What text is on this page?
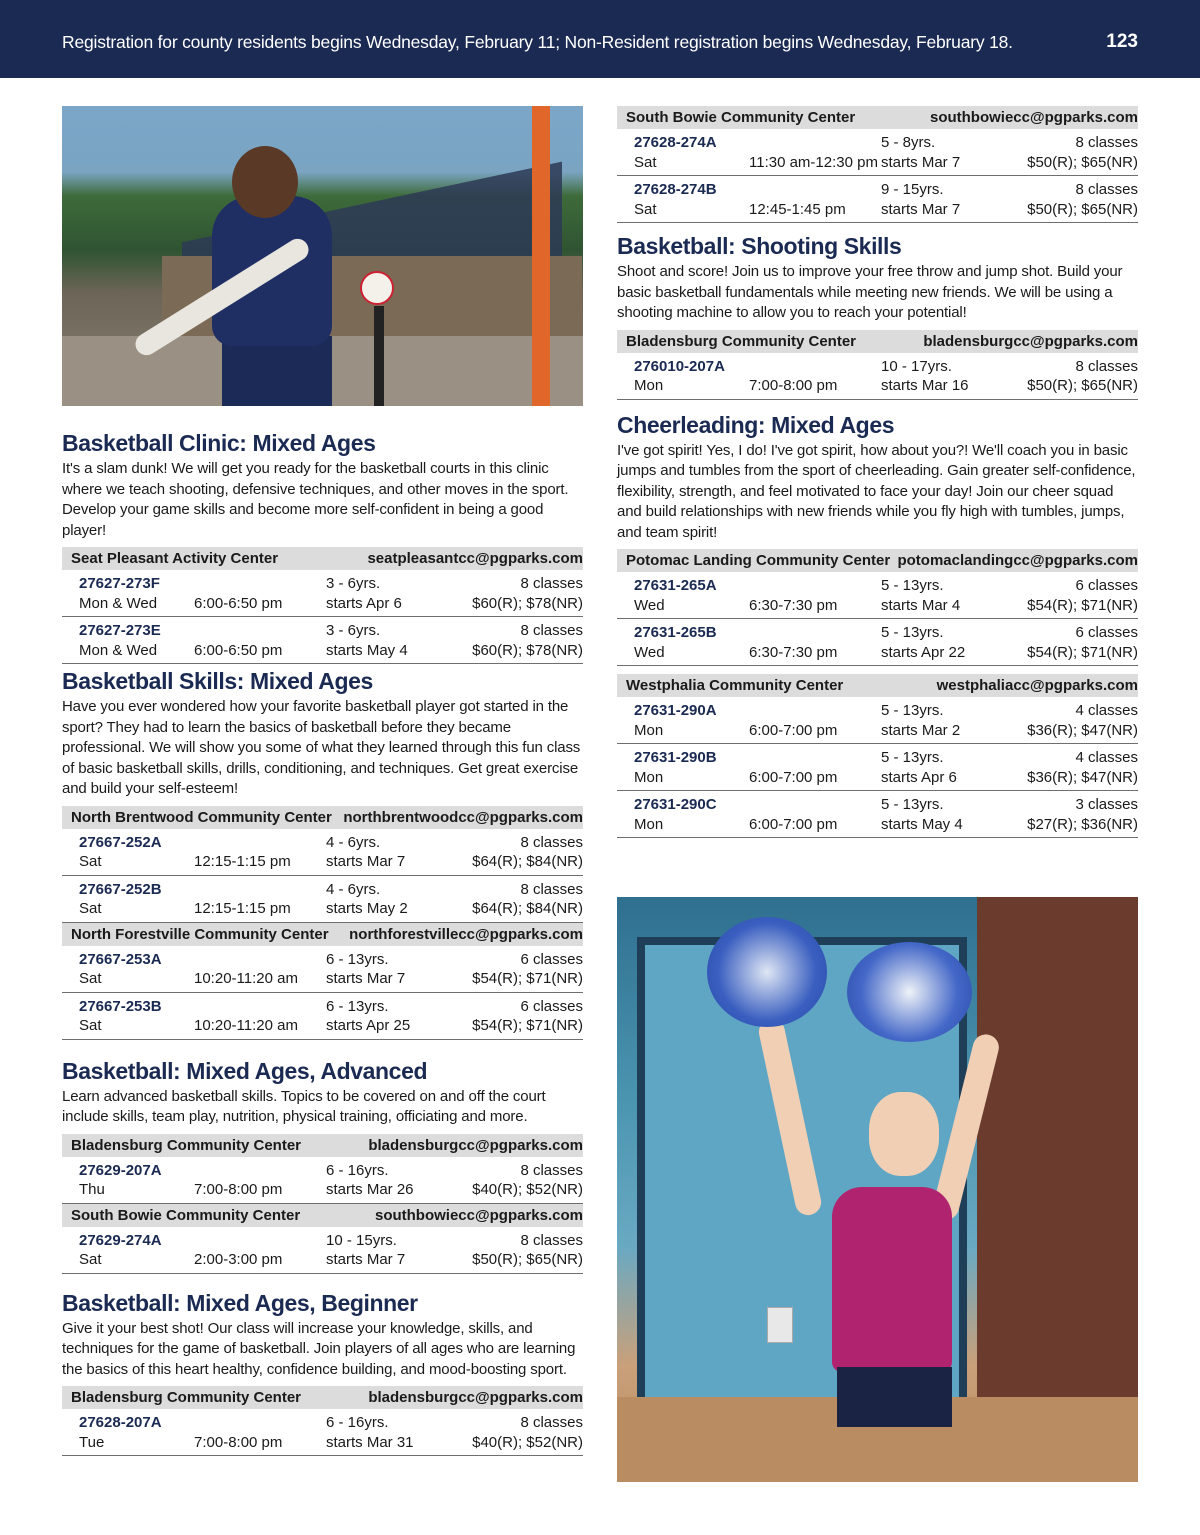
Registration for county residents begins Wednesday, February 11; Non-Resident registration begins Wednesday, February 18.	123
Basketball Clinic: Mixed Ages

It's a slam dunk! We will get you ready for the basketball courts in this clinic where we teach shooting, defensive techniques, and other moves in the sport. Develop your game skills and become more self-confident in being a good player!

Seat Pleasant Activity Center	seatpleasantcc@pgparks.com
27627-273F	3 - 6yrs.	8 classes
Mon & Wed	6:00-6:50 pm	starts Apr 6	$60(R); $78(NR)
27627-273E	3 - 6yrs.	8 classes
Mon & Wed	6:00-6:50 pm	starts May 4	$60(R); $78(NR)
Basketball Skills: Mixed Ages

Have you ever wondered how your favorite basketball player got started in the sport? They had to learn the basics of basketball before they became professional. We will show you some of what they learned through this fun class of basic basketball skills, drills, conditioning, and techniques. Get great exercise and build your self-esteem!

North Brentwood Community Center northbrentwoodcc@pgparks.com
27667-252A	4 - 6yrs.	8 classes
Sat	12:15-1:15 pm	starts Mar 7	$64(R); $84(NR)
27667-252B	4 - 6yrs.	8 classes
Sat	12:15-1:15 pm	starts May 2	$64(R); $84(NR)
North Forestville Community Center northforestvillecc@pgparks.com
27667-253A	6 - 13yrs.	6 classes
Sat	10:20-11:20 am	starts Mar 7	$54(R); $71(NR)
27667-253B	6 - 13yrs.	6 classes
Sat	10:20-11:20 am	starts Apr 25	$54(R); $71(NR)
Basketball: Mixed Ages, Advanced

Learn advanced basketball skills. Topics to be covered on and off the court include skills, team play, nutrition, physical training, officiating and more.

Bladensburg Community Center	bladensburgcc@pgparks.com
27629-207A	6 - 16yrs.	8 classes
Thu	7:00-8:00 pm	starts Mar 26	$40(R); $52(NR)
South Bowie Community Center	southbowiecc@pgparks.com
27629-274A	10 - 15yrs.	8 classes
Sat	2:00-3:00 pm	starts Mar 7	$50(R); $65(NR)
Basketball: Mixed Ages, Beginner

Give it your best shot! Our class will increase your knowledge, skills, and techniques for the game of basketball. Join players of all ages who are learning the basics of this heart healthy, confidence building, and mood-boosting sport.

Bladensburg Community Center	bladensburgcc@pgparks.com
27628-207A	6 - 16yrs.	8 classes
Tue	7:00-8:00 pm	starts Mar 31	$40(R); $52(NR)
South Bowie Community Center	southbowiecc@pgparks.com
27628-274A	5 - 8yrs.	8 classes
Sat	11:30 am-12:30 pm starts Mar 7	$50(R); $65(NR)
27628-274B	9 - 15yrs.	8 classes
Sat	12:45-1:45 pm	starts Mar 7	$50(R); $65(NR)
Basketball: Shooting Skills

Shoot and score! Join us to improve your free throw and jump shot. Build your basic basketball fundamentals while meeting new friends. We will be using a shooting machine to allow you to reach your potential!

Bladensburg Community Center	bladensburgcc@pgparks.com
276010-207A	10 - 17yrs.	8 classes
Mon	7:00-8:00 pm	starts Mar 16	$50(R); $65(NR)
Cheerleading: Mixed Ages

I've got spirit! Yes, I do! I've got spirit, how about you?! We'll coach you in basic jumps and tumbles from the sport of cheerleading. Gain greater self-confidence, flexibility, strength, and feel motivated to face your day! Join our cheer squad and build relationships with new friends while you fly high with tumbles, jumps, and team spirit!

Potomac Landing Community Center potomaclandingcc@pgparks.com
27631-265A	5 - 13yrs.	6 classes
Wed	6:30-7:30 pm	starts Mar 4	$54(R); $71(NR)
27631-265B	5 - 13yrs.	6 classes
Wed	6:30-7:30 pm	starts Apr 22	$54(R); $71(NR)
Westphalia Community Center	westphaliacc@pgparks.com
27631-290A	5 - 13yrs.	4 classes
Mon	6:00-7:00 pm	starts Mar 2	$36(R); $47(NR)
27631-290B	5 - 13yrs.	4 classes
Mon	6:00-7:00 pm	starts Apr 6	$36(R); $47(NR)
27631-290C	5 - 13yrs.	3 classes
Mon	6:00-7:00 pm	starts May 4	$27(R); $36(NR)
